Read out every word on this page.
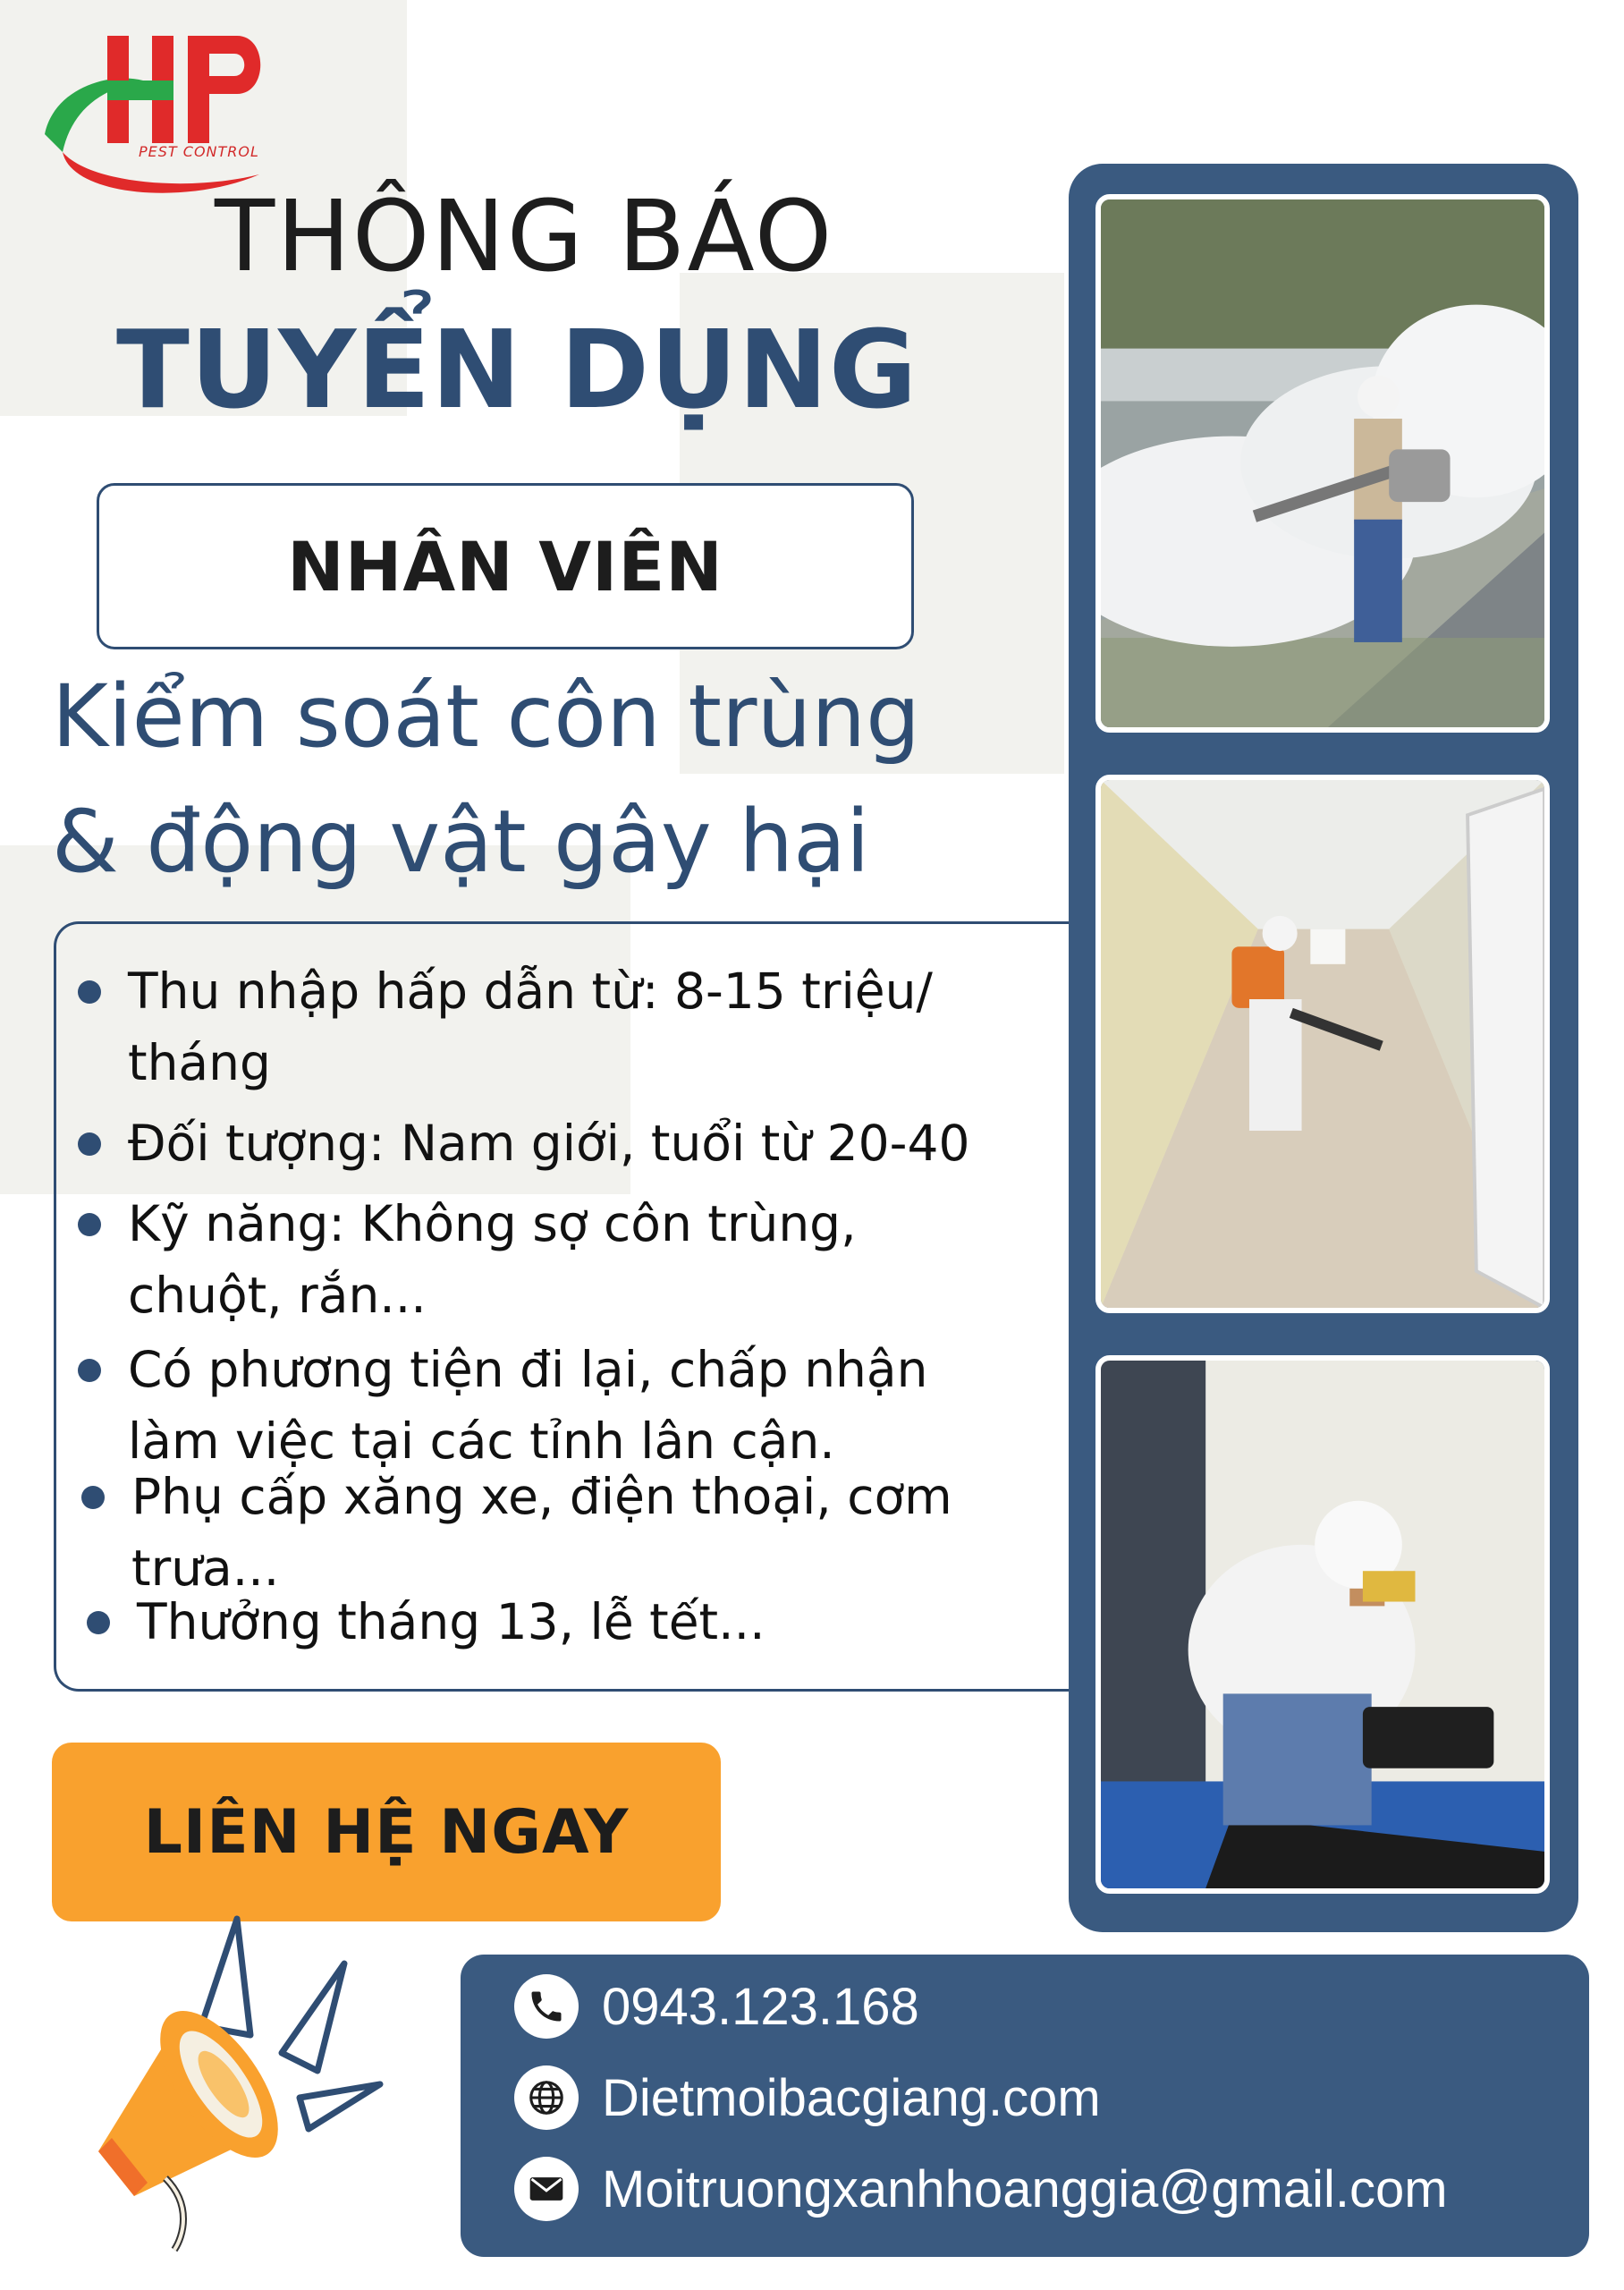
PEST CONTROL
THÔNG BÁO
TUYỂN DỤNG
NHÂN VIÊN
Kiểm soát côn trùng
& động vật gây hại
Thu nhập hấp dẫn từ: 8-15 triệu/
tháng
Đối tượng: Nam giới, tuổi từ 20-40
Kỹ năng: Không sợ côn trùng,
chuột, rắn...
Có phương tiện đi lại, chấp nhận
làm việc tại các tỉnh lân cận.
Phụ cấp xăng xe, điện thoại, cơm
trưa...
Thưởng tháng 13, lễ tết...
LIÊN HỆ NGAY
0943.123.168
Dietmoibacgiang.com
Moitruongxanhhoanggia@gmail.com
